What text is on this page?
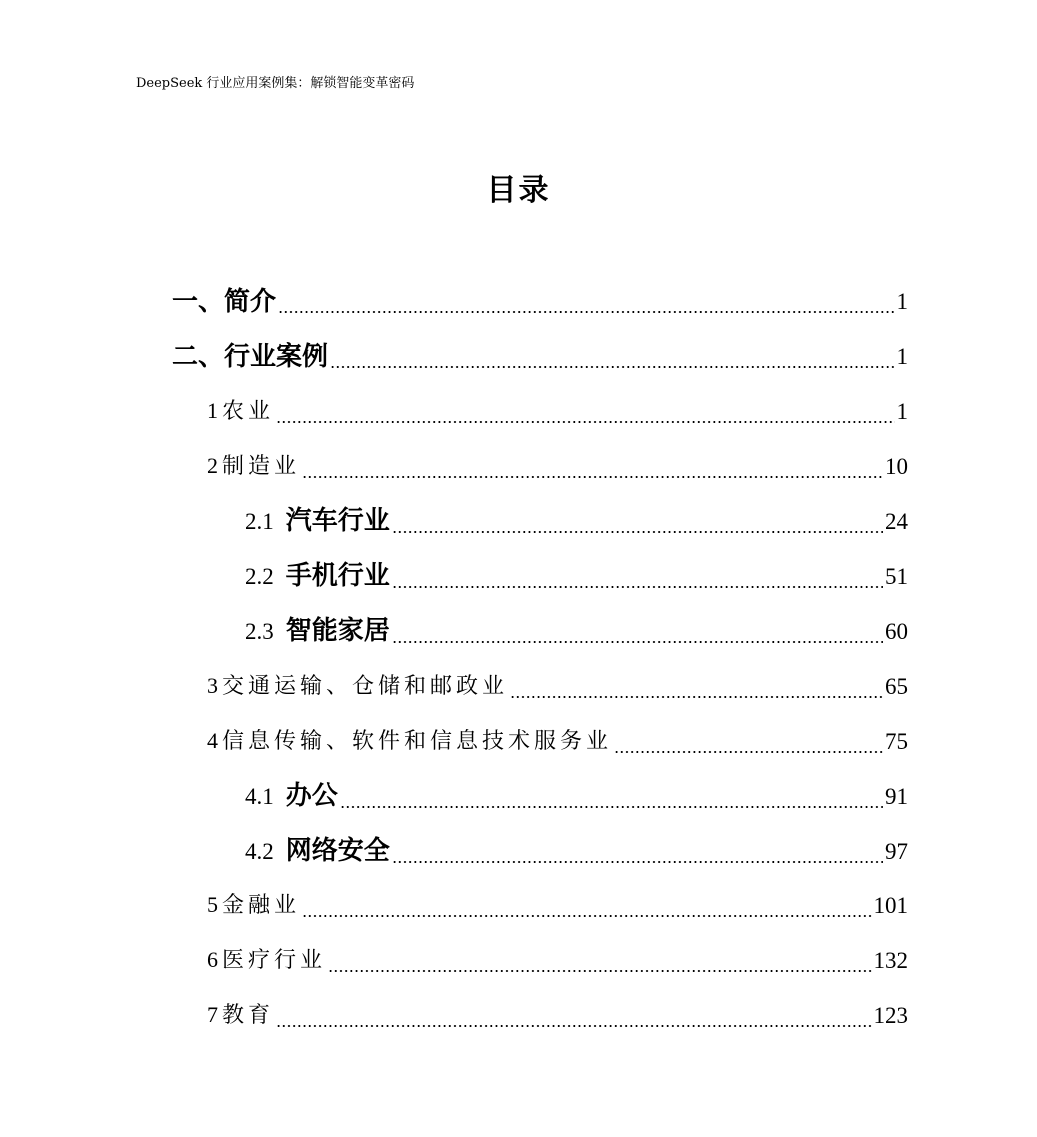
DeepSeek 行业应用案例集：解锁智能变革密码
目录
一、简介	1
二、行业案例	1
1 农业	1
2 制造业	10
2.1 汽车行业	24
2.2 手机行业	51
2.3 智能家居	60
3 交通运输、仓储和邮政业	65
4 信息传输、软件和信息技术服务业	75
4.1 办公	91
4.2 网络安全	97
5 金融业	101
6 医疗行业	132
7 教育	123
